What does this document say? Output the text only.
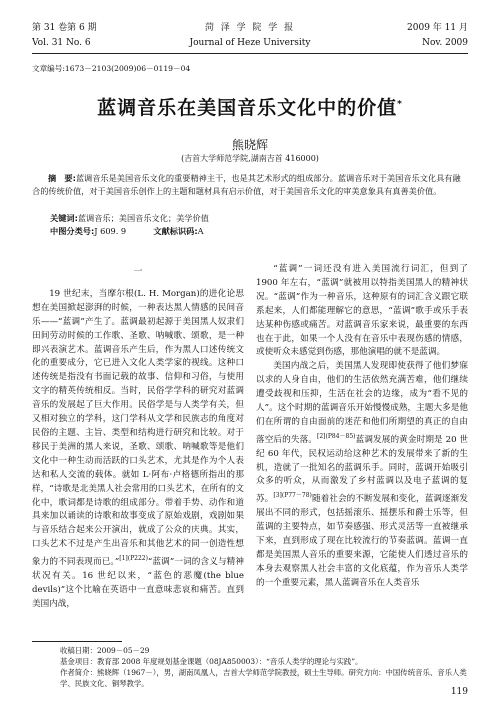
第 31 卷第 6 期
Vol. 31 No. 6
菏 泽 学 院 学 报
Journal of Heze University
2009 年 11 月
Nov. 2009
文章编号:1673－2103(2009)06－0119－04
蓝调音乐在美国音乐文化中的价值*
熊晓辉
(吉首大学师范学院,湖南吉首 416000)
摘　要:蓝调音乐是美国音乐文化的重要精神主干，也是其艺术形式的组成部分。蓝调音乐对于美国音乐文化具有融合的传统价值，对于美国音乐创作上的主题和题材具有启示价值，对于美国音乐文化的审美意象具有真善美价值。
关键词:蓝调音乐；美国音乐文化；美学价值
中图分类号:J 609. 9	文献标识码:A
一

19 世纪末，当摩尔根(L. H. Morgan)的进化论思想在美国掀起澎湃的时候，一种表达黑人情感的民间音乐——“蓝调”产生了。蓝调最初起源于美国黑人奴隶们田间劳动时候的工作歌、圣歌、呐喊歌、颂歌，是一种即兴表演艺术。蓝调音乐产生后，作为黑人口述传统文化的重要成分，它已进入文化人类学家的视线。这种口述传统是指没有书面记载的故事、信仰和习俗，与使用文字的精英传统相反。当时，民俗学学科的研究对蓝调音乐的发展起了巨大作用。民俗学是与人类学有关，但又相对独立的学科，这门学科从文学和民族志的角度对民俗的主题、主旨、类型和结构进行研究和比较。对于移民于美洲的黑人来说，圣歌、颂歌、呐喊歌等是他们文化中一种生动而活跃的口头艺术，尤其是作为个人表达和私人交流的载体。就如 L·阿布·卢格德所指出的那样，“诗歌是北美黑人社会常用的口头艺术，在所有的文化中，歌词都是诗歌的组成部分。带着手势、动作和道具来加以诵读的诗歌和故事变成了原始戏剧，戏剧如果与音乐结合起来公开演出，就成了公众的庆典。其实，口头艺术不过是产生出音乐和其他艺术的同一创造性想象力的不同表现而已。”$^{[1](P222)}$“蓝调”一词的含义与精神状况有关。16 世纪以来，“蓝色的恶魔(the blue devils)”这个比喻在英语中一直意味悲哀和痛苦。直到美国内战，

“蓝调”一词还没有进入美国流行词汇，但到了 1900 年左右，“蓝调”就被用以特指美国黑人的精神状况。“蓝调”作为一种音乐，这种原有的词汇含义跟它联系起来，人们都能理解它的意思，“蓝调”歌手或乐手表达某种伤感或痛苦。对蓝调音乐家来说，最重要的东西也在于此，如果一个人没有在音乐中表现伤感的情感，或使听众未感觉到伤感，那他演唱的就不是蓝调。

美国内战之后，美国黑人发现即使获得了他们梦寐以求的人身自由，他们的生活依然充满苦难，他们继续遭受歧视和压抑，生活在社会的边缘，成为“看不见的人”。这个时期的蓝调音乐开始慢慢成熟，主题大多是他们在所谓的自由面前的迷茫和他们所期望的真正的自由落空后的失落。$^{[2](P84-85)}$蓝调发展的黄金时期是 20 世纪 60 年代，民权运动给这种艺术的发展带来了新的生机，造就了一批知名的蓝调乐手。同时，蓝调开始吸引众多的听众，从而激发了乡村蓝调以及电子蓝调的复苏。$^{[3](P77-78)}$随着社会的不断发展和变化，蓝调逐渐发展出不同的形式，包括摇滚乐、摇摆乐和爵士乐等，但蓝调的主要特点，如节奏感强、形式灵活等一直被继承下来，直到形成了现在比较流行的节奏蓝调。蓝调一直都是美国黑人音乐的重要来源，它能使人们透过音乐的本身去观察黑人社会丰富的文化底蕴，作为音乐人类学的一个重要元素，黑人蓝调音乐在人类音乐

收稿日期：2009－05－29
基金项目：教育部 2008 年度规划基金课题（08JA850003）：“音乐人类学的理论与实践”。
作者简介：熊晓辉（1967－），男，湖南凤凰人，吉首大学师范学院教授，硕士生导师。研究方向：中国传统音乐、音乐人类学、民族文化、铜琴教学。
119
